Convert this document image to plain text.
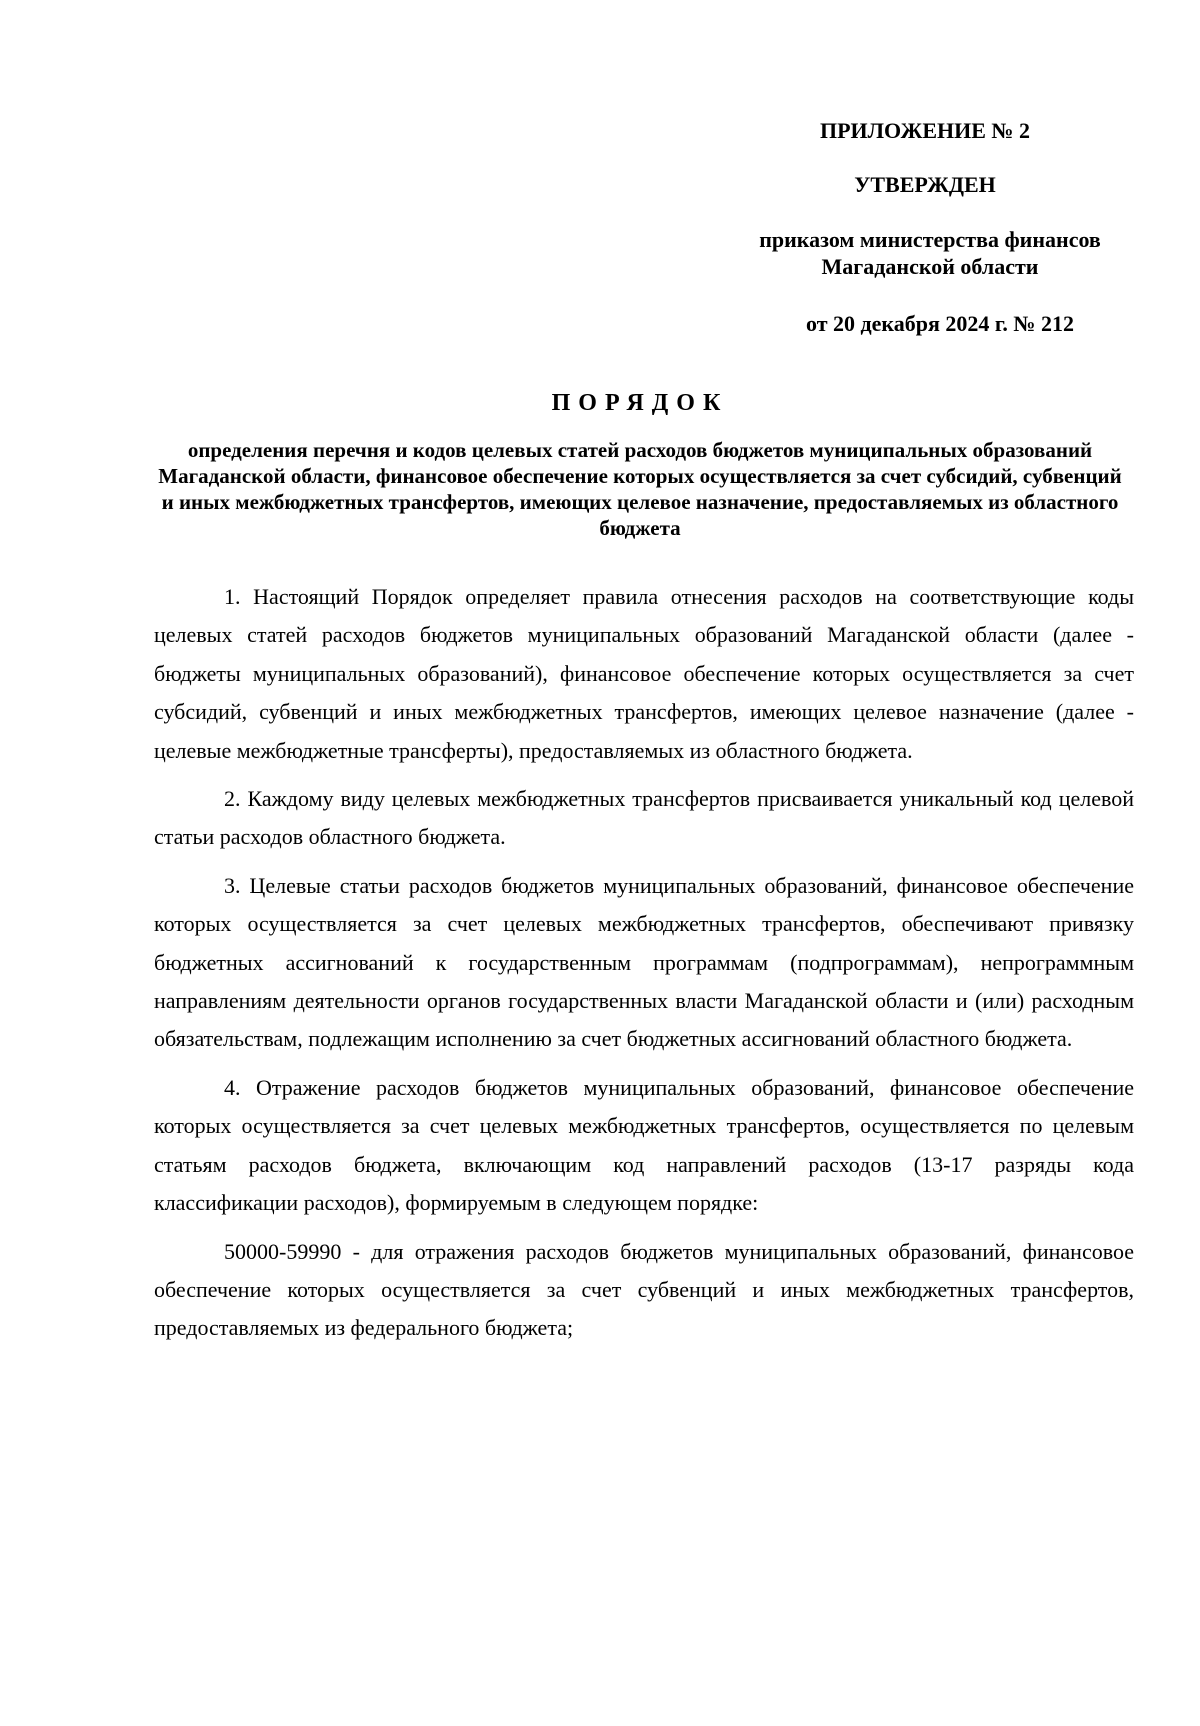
ПРИЛОЖЕНИЕ № 2
УТВЕРЖДЕН
приказом министерства финансов
Магаданской области
от 20 декабря 2024 г. № 212
ПОРЯДОК
определения перечня и кодов целевых статей расходов бюджетов муниципальных образований Магаданской области, финансовое обеспечение которых осуществляется за счет субсидий, субвенций и иных межбюджетных трансфертов, имеющих целевое назначение, предоставляемых из областного бюджета

1. Настоящий Порядок определяет правила отнесения расходов на соответствующие коды целевых статей расходов бюджетов муниципальных образований Магаданской области (далее - бюджеты муниципальных образований), финансовое обеспечение которых осуществляется за счет субсидий, субвенций и иных межбюджетных трансфертов, имеющих целевое назначение (далее - целевые межбюджетные трансферты), предоставляемых из областного бюджета.

2. Каждому виду целевых межбюджетных трансфертов присваивается уникальный код целевой статьи расходов областного бюджета.

3. Целевые статьи расходов бюджетов муниципальных образований, финансовое обеспечение которых осуществляется за счет целевых межбюджетных трансфертов, обеспечивают привязку бюджетных ассигнований к государственным программам (подпрограммам), непрограммным направлениям деятельности органов государственных власти Магаданской области и (или) расходным обязательствам, подлежащим исполнению за счет бюджетных ассигнований областного бюджета.

4. Отражение расходов бюджетов муниципальных образований, финансовое обеспечение которых осуществляется за счет целевых межбюджетных трансфертов, осуществляется по целевым статьям расходов бюджета, включающим код направлений расходов (13-17 разряды кода классификации расходов), формируемым в следующем порядке:

50000-59990 - для отражения расходов бюджетов муниципальных образований, финансовое обеспечение которых осуществляется за счет субвенций и иных межбюджетных трансфертов, предоставляемых из федерального бюджета;
